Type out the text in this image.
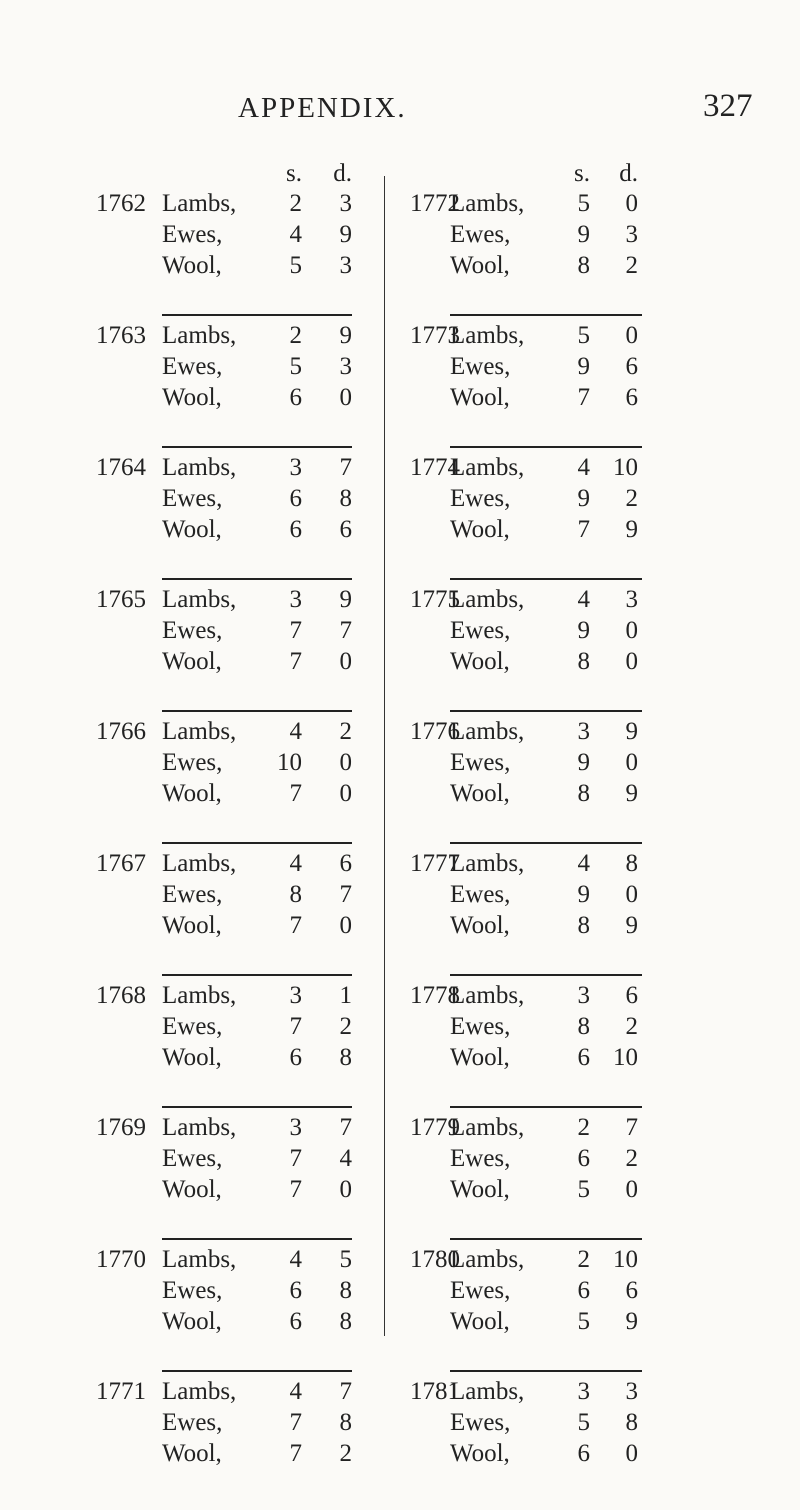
APPENDIX.	327
s.	d.
1762 Lambs,	2	3
Ewes,	4	9
Wool,	5	3
1763 Lambs,	2	9
Ewes,	5	3
Wool,	6	0
1764 Lambs,	3	7
Ewes,	6	8
Wool,	6	6
1765 Lambs,	3	9
Ewes,	7	7
Wool,	7	0
1766 Lambs,	4	2
Ewes,	10	0
Wool,	7	0
1767 Lambs,	4	6
Ewes,	8	7
Wool,	7	0
1768 Lambs,	3	1
Ewes,	7	2
Wool,	6	8
1769 Lambs,	3	7
Ewes,	7	4
Wool,	7	0
1770 Lambs,	4	5
Ewes,	6	8
Wool,	6	8
1771 Lambs,	4	7
Ewes,	7	8
Wool,	7	2
s.	d.
1772
Lambs,	5	0
Ewes,	9	3
Wool,	8	2
1773
Lambs,	5	0
Ewes,	9	6
Wool,	7	6
1774
Lambs,	4 10
Ewes,	9	2
Wool,	7	9
1775
Lambs,	4	3
Ewes,	9	0
Wool,	8	0
1776
Lambs,	3	9
Ewes,	9	0
Wool,	8	9
1777
Lambs,	4	8
Ewes,	9	0
Wool,	8	9
1778
Lambs,	3	6
Ewes,	8	2
Wool,	6 10
1779
Lambs,	2	7
Ewes,	6	2
Wool,	5	0
1780
Lambs,	2 10
Ewes,	6	6
Wool,	5	9
1781
Lambs,	3	3
Ewes,	5	8
Wool,	6	0
